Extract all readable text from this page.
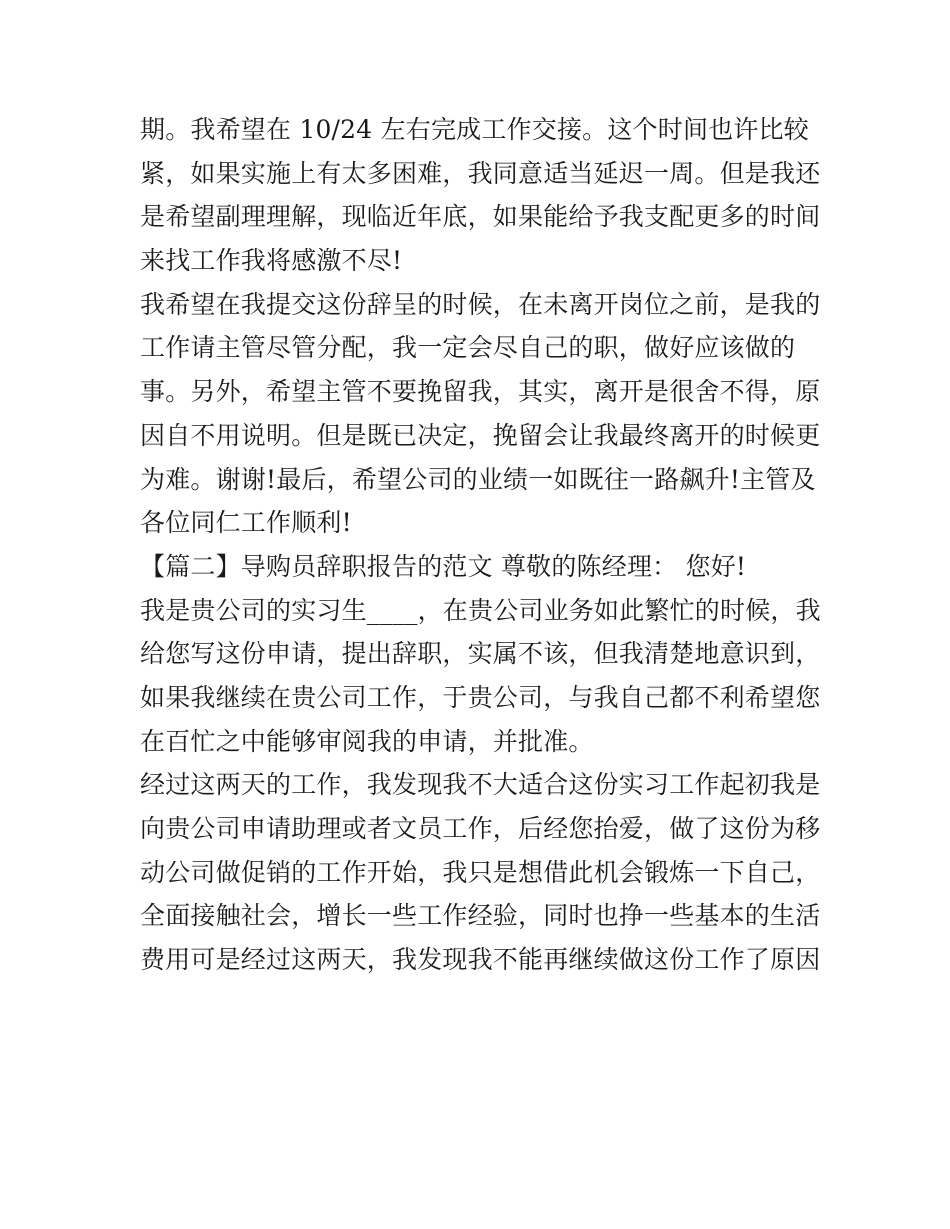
期。我希望在 10/24 左右完成工作交接。这个时间也许比较
紧，如果实施上有太多困难，我同意适当延迟一周。但是我还
是希望副理理解，现临近年底，如果能给予我支配更多的时间
来找工作我将感激不尽!
我希望在我提交这份辞呈的时候，在未离开岗位之前，是我的
工作请主管尽管分配，我一定会尽自己的职，做好应该做的
事。另外，希望主管不要挽留我，其实，离开是很舍不得，原
因自不用说明。但是既已决定，挽留会让我最终离开的时候更
为难。谢谢!最后，希望公司的业绩一如既往一路飙升!主管及
各位同仁工作顺利!
【篇二】导购员辞职报告的范文 尊敬的陈经理： 您好!
我是贵公司的实习生____，在贵公司业务如此繁忙的时候，我
给您写这份申请，提出辞职，实属不该，但我清楚地意识到，
如果我继续在贵公司工作，于贵公司，与我自己都不利希望您
在百忙之中能够审阅我的申请，并批准。
经过这两天的工作，我发现我不大适合这份实习工作起初我是
向贵公司申请助理或者文员工作，后经您抬爱，做了这份为移
动公司做促销的工作开始，我只是想借此机会锻炼一下自己，
全面接触社会，增长一些工作经验，同时也挣一些基本的生活
费用可是经过这两天，我发现我不能再继续做这份工作了原因
